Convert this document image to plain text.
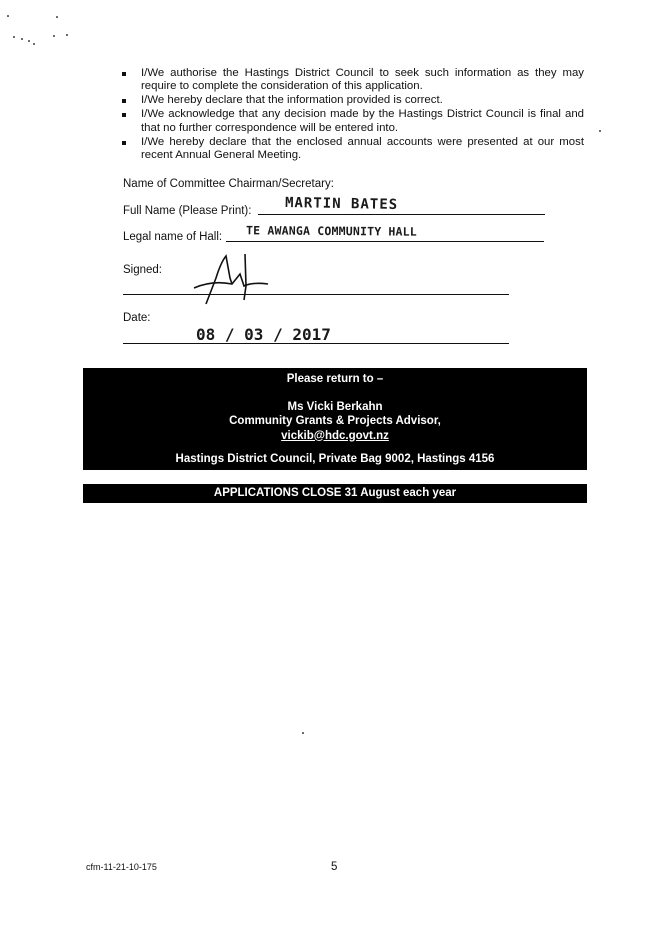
I/We authorise the Hastings District Council to seek such information as they may require to complete the consideration of this application.
I/We hereby declare that the information provided is correct.
I/We acknowledge that any decision made by the Hastings District Council is final and that no further correspondence will be entered into.
I/We hereby declare that the enclosed annual accounts were presented at our most recent Annual General Meeting.
Name of Committee Chairman/Secretary:
Full Name (Please Print): MARTIN BATES
Legal name of Hall: TE AWANGA COMMUNITY HALL
Signed:
Date:
08 / 03 / 2017
Please return to –
Ms Vicki Berkahn
Community Grants & Projects Advisor,
vickib@hdc.govt.nz
Hastings District Council, Private Bag 9002, Hastings 4156
APPLICATIONS CLOSE 31 August each year
cfm-11-21-10-175	5
